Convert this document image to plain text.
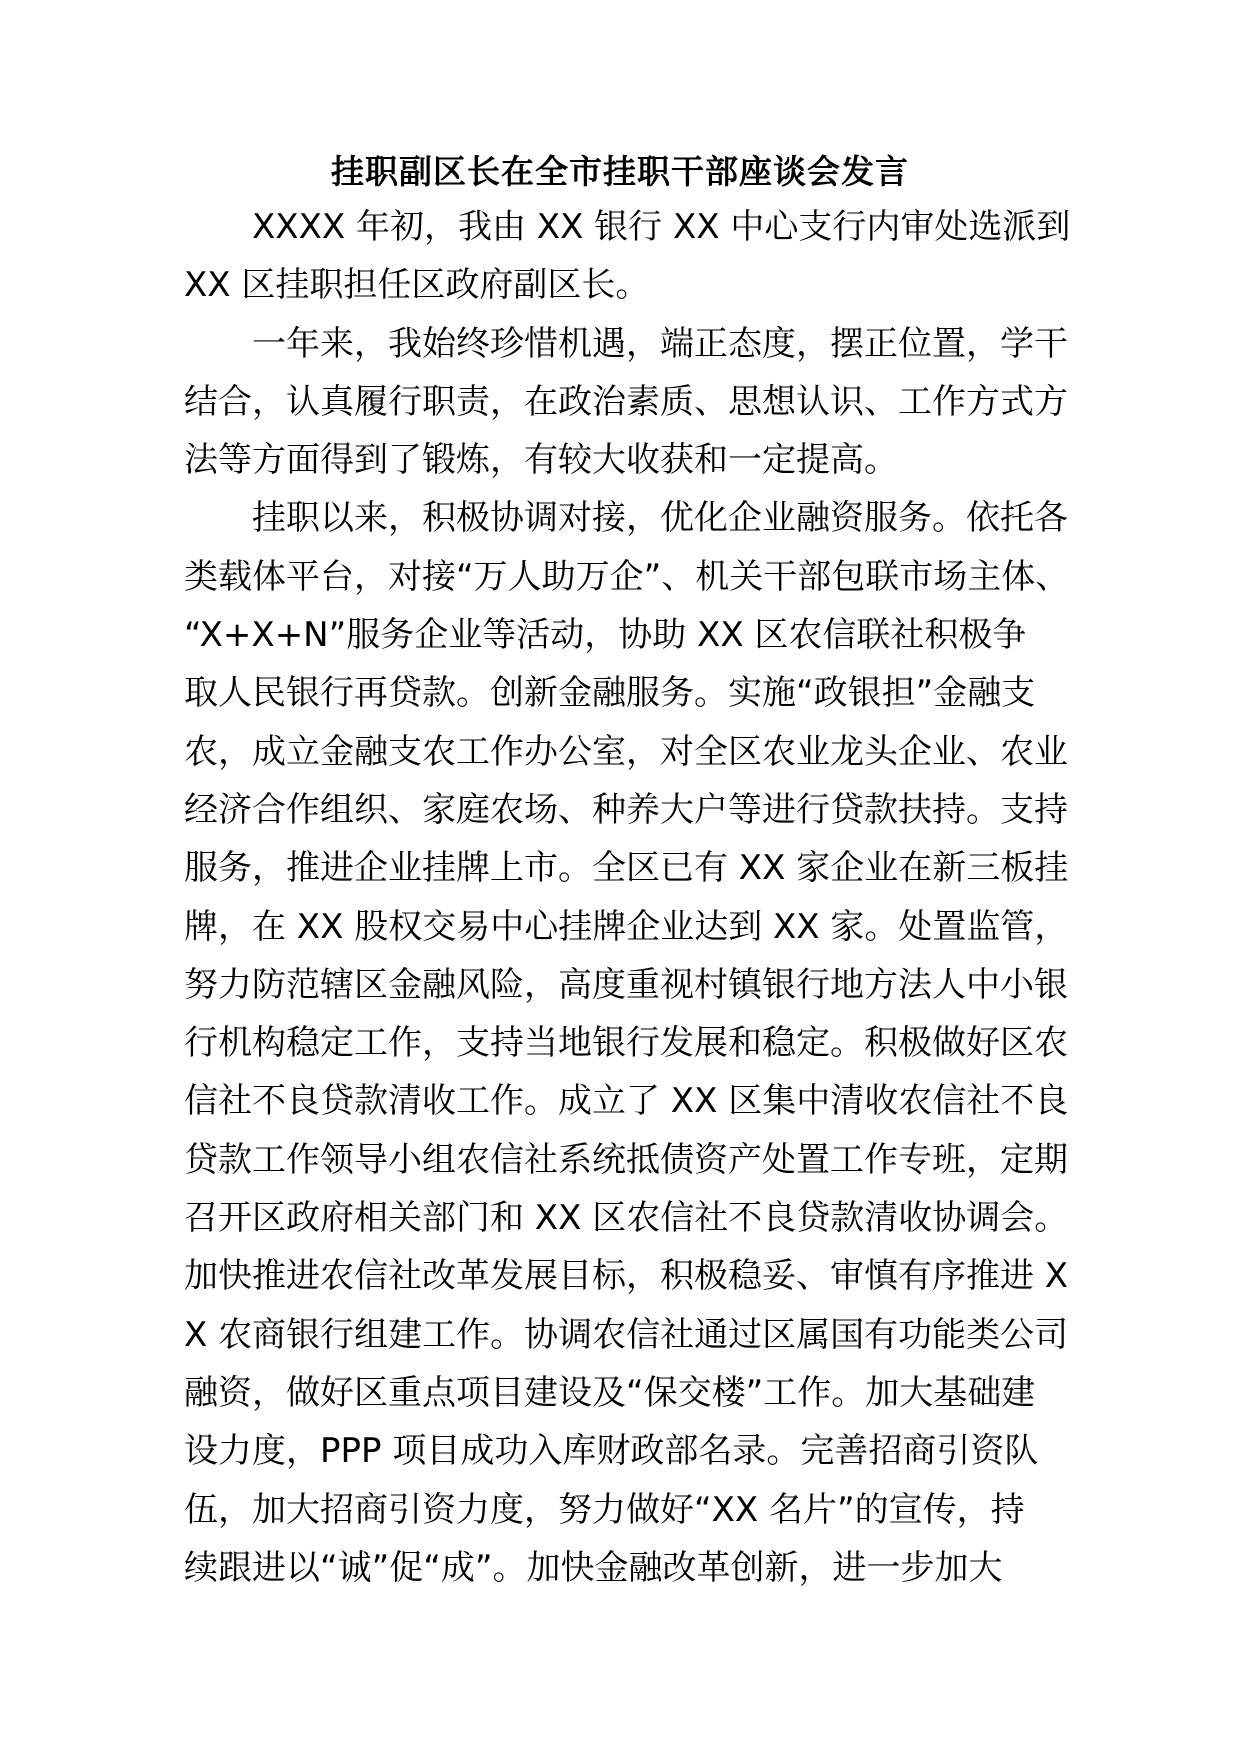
挂职副区长在全市挂职干部座谈会发言
XXXX 年初，我由 XX 银行 XX 中心支行内审处选派到
XX 区挂职担任区政府副区长。
一年来，我始终珍惜机遇，端正态度，摆正位置，学干
结合，认真履行职责，在政治素质、思想认识、工作方式方
法等方面得到了锻炼，有较大收获和一定提高。
挂职以来，积极协调对接，优化企业融资服务。依托各
类载体平台，对接“万人助万企”、机关干部包联市场主体、
“X+X+N”服务企业等活动，协助 XX 区农信联社积极争
取人民银行再贷款。创新金融服务。实施“政银担”金融支
农，成立金融支农工作办公室，对全区农业龙头企业、农业
经济合作组织、家庭农场、种养大户等进行贷款扶持。支持
服务，推进企业挂牌上市。全区已有 XX 家企业在新三板挂
牌，在 XX 股权交易中心挂牌企业达到 XX 家。处置监管，
努力防范辖区金融风险，高度重视村镇银行地方法人中小银
行机构稳定工作，支持当地银行发展和稳定。积极做好区农
信社不良贷款清收工作。成立了 XX 区集中清收农信社不良
贷款工作领导小组农信社系统抵债资产处置工作专班，定期
召开区政府相关部门和 XX 区农信社不良贷款清收协调会。
加快推进农信社改革发展目标，积极稳妥、审慎有序推进 X
X 农商银行组建工作。协调农信社通过区属国有功能类公司
融资，做好区重点项目建设及“保交楼”工作。加大基础建
设力度，PPP 项目成功入库财政部名录。完善招商引资队
伍，加大招商引资力度，努力做好“XX 名片”的宣传，持
续跟进以“诚”促“成”。加快金融改革创新，进一步加大
